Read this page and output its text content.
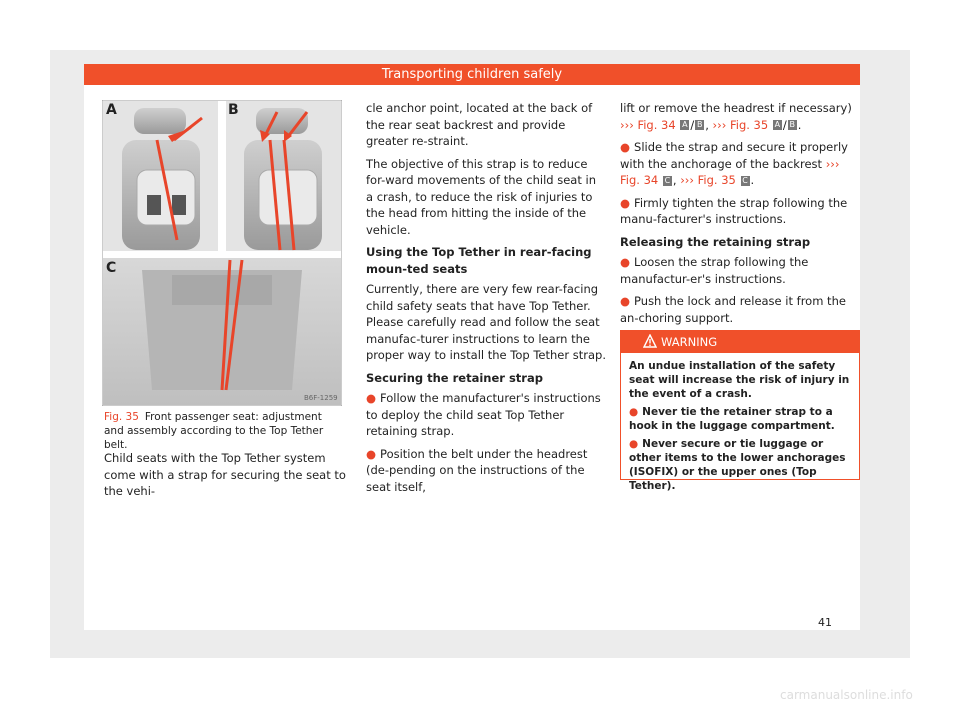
Transporting children safely
A	B
C
B6F-1259
Fig. 35 Front passenger seat: adjustment and assembly according to the Top Tether belt.

Child seats with the Top Tether system come with a strap for securing the seat to the vehi-

cle anchor point, located at the back of the rear seat backrest and provide greater re-straint.

The objective of this strap is to reduce for-ward movements of the child seat in a crash, to reduce the risk of injuries to the head from hitting the inside of the vehicle.

Using the Top Tether in rear-facing moun-ted seats

Currently, there are very few rear-facing child safety seats that have Top Tether. Please carefully read and follow the seat manufac-turer instructions to learn the proper way to install the Top Tether strap.

Securing the retainer strap

● Follow the manufacturer's instructions to deploy the child seat Top Tether retaining strap.

● Position the belt under the headrest (de-pending on the instructions of the seat itself,

lift or remove the headrest if necessary)
››› Fig. 34 A / B , ››› Fig. 35 A / B .

● Slide the strap and secure it properly with the anchorage of the backrest ››› Fig. 34 C , ››› Fig. 35 C .

● Firmly tighten the strap following the manu-facturer's instructions.

Releasing the retaining strap

● Loosen the strap following the manufactur-er's instructions.

● Push the lock and release it from the an-choring support.

WARNING

An undue installation of the safety seat will increase the risk of injury in the event of a crash.

● Never tie the retainer strap to a hook in the luggage compartment.

● Never secure or tie luggage or other items to the lower anchorages (ISOFIX) or the upper ones (Top Tether).

41
carmanualsonline.info
